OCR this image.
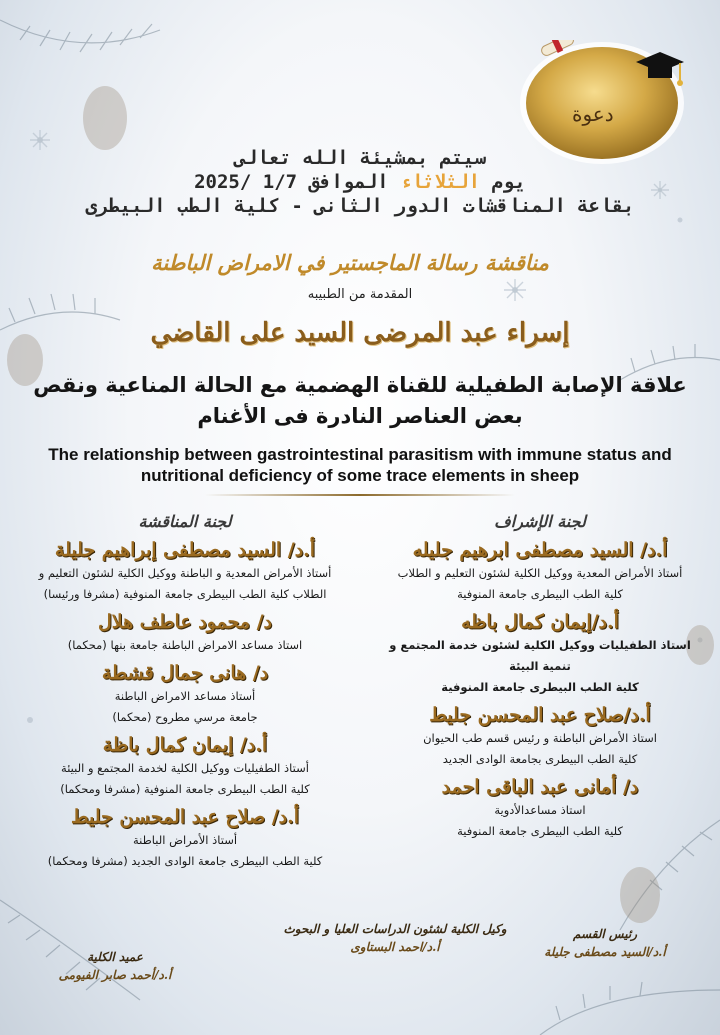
دعوة
سيتم بمشيئة الله تعالى
يوم الثلاثاء الموافق 1/7 /2025
بقاعة المناقشات الدور الثانى - كلية الطب البيطرى
مناقشة رسالة الماجستير في الامراض الباطنة
المقدمة من الطبيبه
إسراء عبد المرضى السيد على القاضي
علاقة الإصابة الطفيلية للقناة الهضمية مع الحالة المناعية ونقص بعض العناصر النادرة فى الأغنام
The relationship between gastrointestinal parasitism with immune status and nutritional deficiency of some trace elements in sheep
لجنة الإشراف
أ.د/ السيد مصطفى ابرهيم جليله
أستاذ الأمراض المعدية ووكيل الكلية لشئون التعليم و الطلاب
كلية الطب البيطرى جامعة المنوفية
أ.د/إيمان كمال باظه
استاذ الطفيليات ووكيل الكلية لشئون خدمة المجتمع و تنمية البيئة
كلية الطب البيطرى جامعة المنوفية
أ.د/صلاح عبد المحسن جليط
استاذ الأمراض الباطنة و رئيس قسم طب الحيوان
كلية الطب البيطرى بجامعة الوادى الجديد
د/ أمانى عبد الباقى احمد
استاذ مساعدالأدوية
كلية الطب البيطرى جامعة المنوفية
لجنة المناقشة
أ.د/ السيد مصطفى إبراهيم جليلة
أستاذ الأمراض المعدية و الباطنة ووكيل الكلية لشئون التعليم و
الطلاب كلية الطب البيطرى جامعة المنوفية (مشرفا ورئيسا)
د/ محمود عاطف هلال
استاذ مساعد الامراض الباطنة جامعة بنها (محكما)
د/ هانى جمال قشطة
أستاذ مساعد الامراض الباطنة
جامعة مرسي مطروح (محكما)
أ.د/ إيمان كمال باظة
أستاذ الطفيليات ووكيل الكلية لخدمة المجتمع و البيئة
كلية الطب البيطرى جامعة المنوفية (مشرفا ومحكما)
أ.د/ صلاح عبد المحسن جليط
أستاذ الأمراض الباطنة
كلية الطب البيطرى جامعة الوادى الجديد (مشرفا ومحكما)
رئيس القسم
أ.د/السيد مصطفى جليلة
وكيل الكلية لشئون الدراسات العليا و البحوث
أ.د/احمد البستاوى
عميد الكلية
أ.د/أحمد صابر الفيومى
